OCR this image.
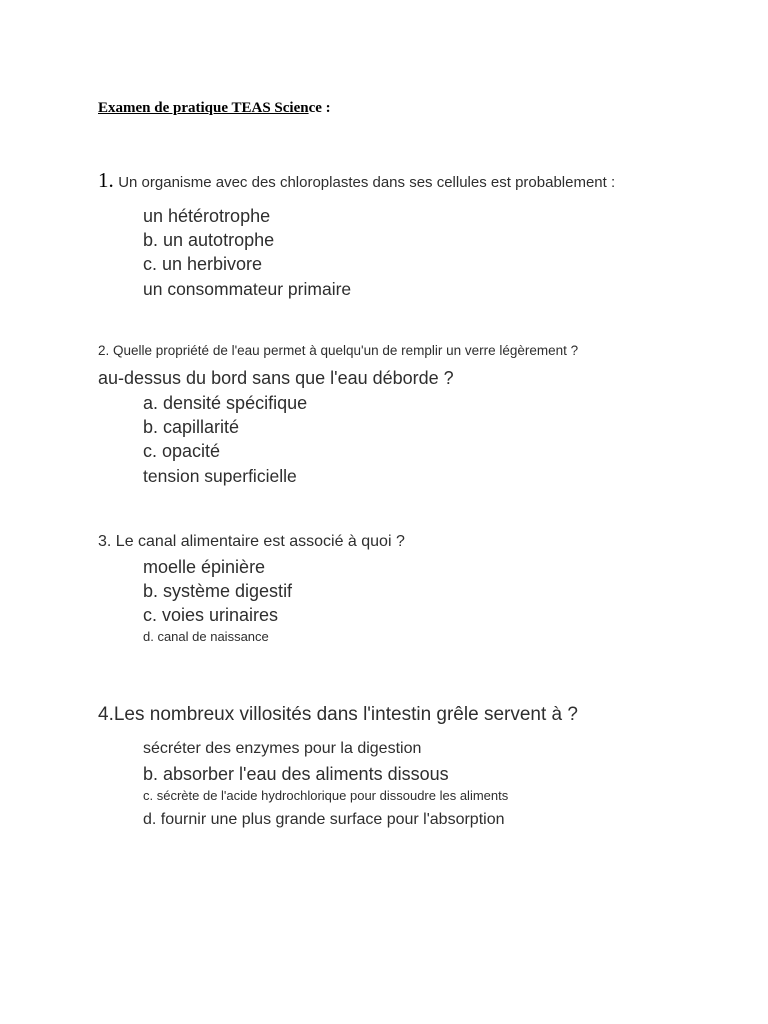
Examen de pratique TEAS Science :
1. Un organisme avec des chloroplastes dans ses cellules est probablement :
un hétérotrophe
b. un autotrophe
c. un herbivore
un consommateur primaire
2. Quelle propriété de l'eau permet à quelqu'un de remplir un verre légèrement ?
au-dessus du bord sans que l'eau déborde ?
a. densité spécifique
b. capillarité
c. opacité
tension superficielle
3. Le canal alimentaire est associé à quoi ?
moelle épinière
b. système digestif
c. voies urinaires
d. canal de naissance
4.Les nombreux villosités dans l'intestin grêle servent à ?
sécréter des enzymes pour la digestion
b. absorber l'eau des aliments dissous
c. sécrète de l'acide hydrochlorique pour dissoudre les aliments
d. fournir une plus grande surface pour l'absorption
